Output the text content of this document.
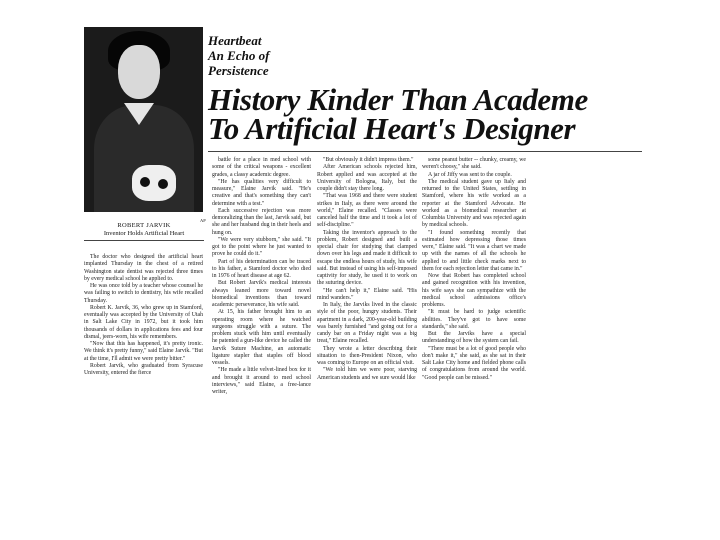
AP
ROBERT JARVIK
Inventor Holds Artificial Heart
Heartbeat
An Echo of
Persistence
History Kinder Than Academe
To Artificial Heart's Designer

The doctor who designed the artificial heart implanted Thursday in the chest of a retired Washington state dentist was rejected three times by every medical school he applied to.

He was once told by a teacher whose counsel he was failing to switch to dentistry, his wife recalled Thursday.

Robert K. Jarvik, 36, who grew up in Stamford, eventually was accepted by the University of Utah in Salt Lake City in 1972, but it took him thousands of dollars in applications fees and four dismal, jeers-worn, his wife remembers.

"Now that this has happened, it's pretty ironic. We think it's pretty funny," said Elaine Jarvik. "But at the time, I'll admit we were pretty bitter."

Robert Jarvik, who graduated from Syracuse University, entered the fierce

battle for a place in med school with some of the critical weapons - excellent grades, a classy academic degree.

"He has qualities very difficult to measure," Elaine Jarvik said. "He's creative and that's something they can't determine with a test."

Each successive rejection was more demoralizing than the last, Jarvik said, but she and her husband dug in their heels and hung on.

"We were very stubborn," she said. "It got to the point where he just wanted to prove he could do it."

Part of his determination can be traced to his father, a Stamford doctor who died in 1976 of heart disease at age 62.

But Robert Jarvik's medical interests always leaned more toward novel biomedical inventions than toward academic perseverance, his wife said.

At 15, his father brought him to an operating room where he watched surgeons struggle with a suture. The problem stuck with him until eventually he patented a gun-like device he called the Jarvik Suture Machine, an automatic ligature stapler that staples off blood vessels.

"He made a little velvet-lined box for it and brought it around to med school interviews," said Elaine, a free-lance writer,

"But obviously it didn't impress them."

After American schools rejected him, Robert applied and was accepted at the University of Bologna, Italy, but the couple didn't stay there long.

"That was 1968 and there were student strikes in Italy, as there were around the world," Elaine recalled. "Classes were canceled half the time and it took a lot of self-discipline."

Taking the inventor's approach to the problem, Robert designed and built a special chair for studying that clamped down over his legs and made it difficult to escape the endless hours of study, his wife said. But instead of using his self-imposed captivity for study, he used it to work on the suturing device.

"He can't help it," Elaine said. "His mind wanders."

In Italy, the Jarviks lived in the classic style of the poor, hungry students. Their apartment in a dark, 200-year-old building was barely furnished "and going out for a candy bar on a Friday night was a big treat," Elaine recalled.

They wrote a letter describing their situation to then-President Nixon, who was coming to Europe on an official visit.

"We told him we were poor, starving American students and we sure would like

some peanut butter -- chunky, creamy, we weren't choosy," she said.

A jar of Jiffy was sent to the couple.

The medical student gave up Italy and returned to the United States, settling in Stamford, where his wife worked as a reporter at the Stamford Advocate. He worked as a biomedical researcher at Columbia University and was rejected again by medical schools.

"I found something recently that estimated how depressing those times were," Elaine said. "It was a chart we made up with the names of all the schools he applied to and little check marks next to them for each rejection letter that came in."

Now that Robert has completed school and gained recognition with his invention, his wife says she can sympathize with the medical school admissions office's problems.

"It must be hard to judge scientific abilities. They've got to have some standards," she said.

But the Jarviks have a special understanding of how the system can fail.

"There must be a lot of good people who don't make it," she said, as she sat in their Salt Lake City home and fielded phone calls of congratulations from around the world. "Good people can be missed."
